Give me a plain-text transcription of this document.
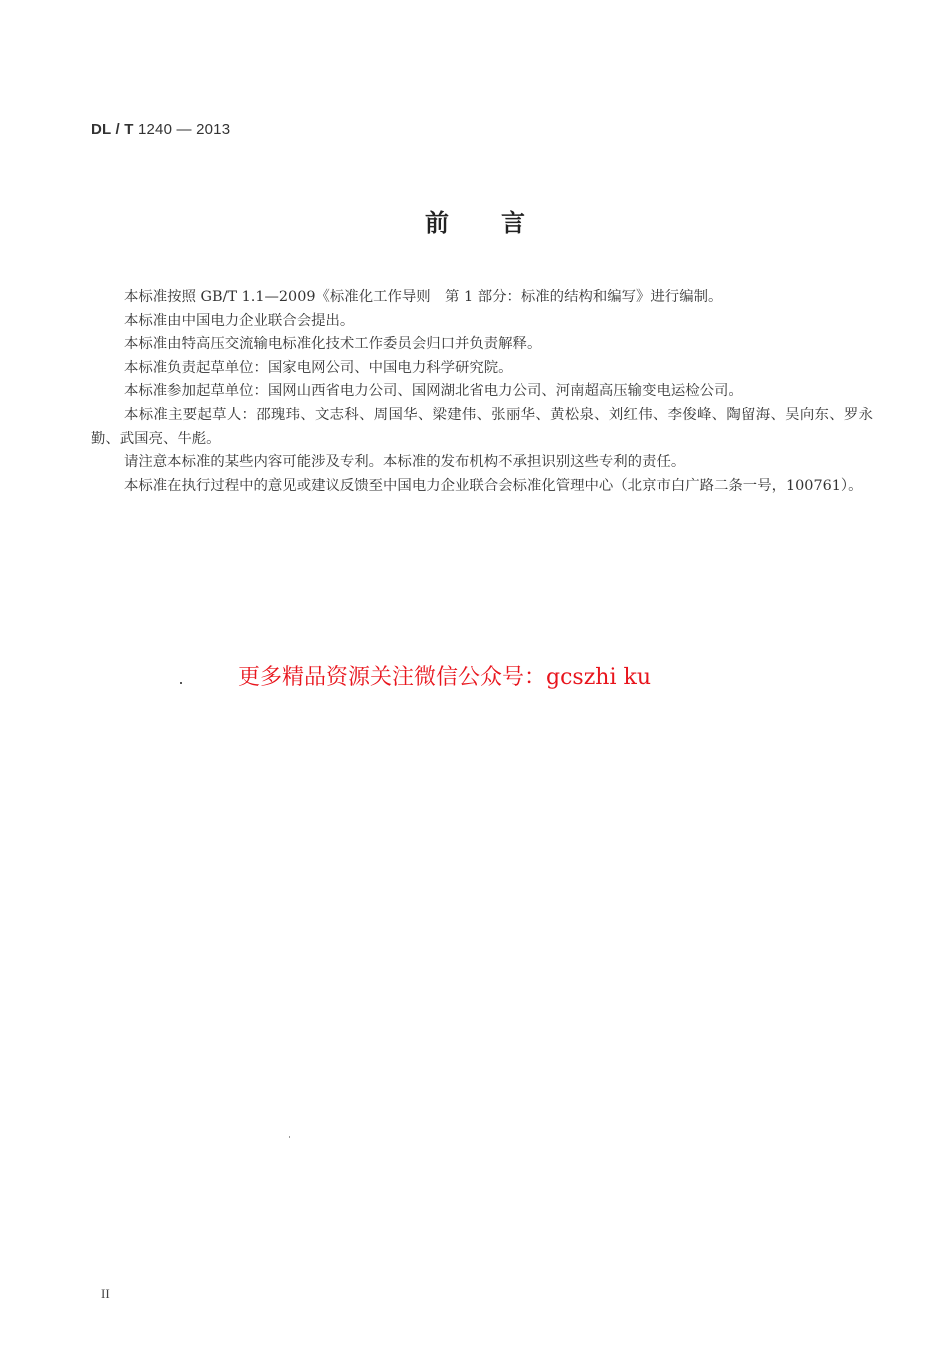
DL / T 1240 — 2013
前言

本标准按照 GB/T 1.1—2009《标准化工作导则　第 1 部分：标准的结构和编写》进行编制。

本标准由中国电力企业联合会提出。

本标准由特高压交流输电标准化技术工作委员会归口并负责解释。

本标准负责起草单位：国家电网公司、中国电力科学研究院。

本标准参加起草单位：国网山西省电力公司、国网湖北省电力公司、河南超高压输变电运检公司。

本标准主要起草人：邵瑰玮、文志科、周国华、梁建伟、张丽华、黄松泉、刘红伟、李俊峰、陶留海、吴向东、罗永勤、武国亮、牛彪。

请注意本标准的某些内容可能涉及专利。本标准的发布机构不承担识别这些专利的责任。

本标准在执行过程中的意见或建议反馈至中国电力企业联合会标准化管理中心（北京市白广路二条一号，100761）。

更多精品资源关注微信公众号：gcszhi ku
II
